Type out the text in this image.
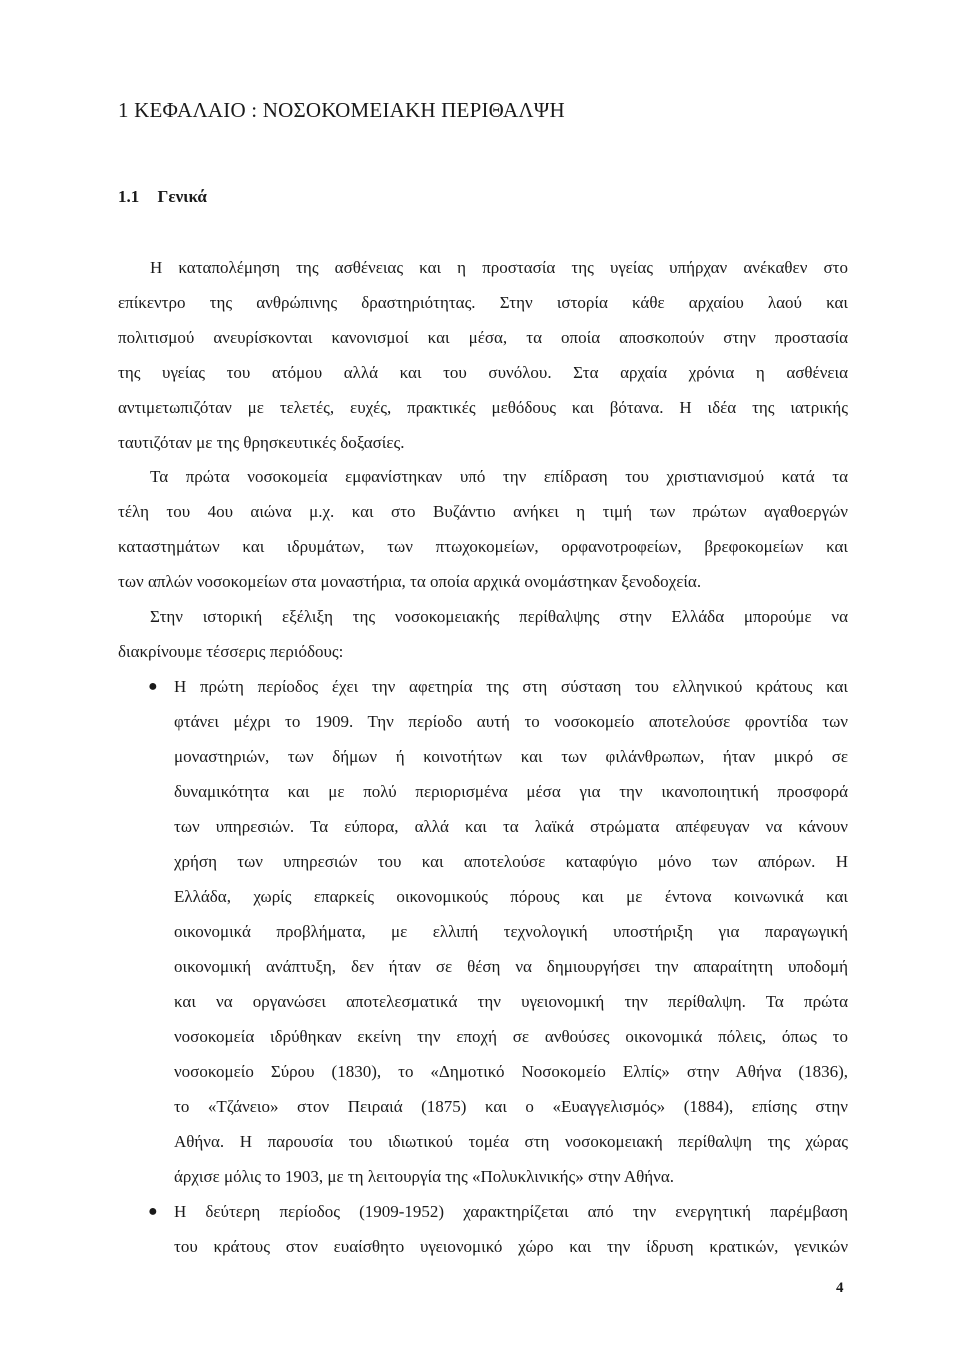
1 ΚΕΦΑΛΑΙΟ : ΝΟΣΟΚΟΜΕΙΑΚΗ ΠΕΡΙΘΑΛΨΗ
1.1 Γενικά
Η καταπολέμηση της ασθένειας και η προστασία της υγείας υπήρχαν ανέκαθεν στο
επίκεντρο της ανθρώπινης δραστηριότητας. Στην ιστορία κάθε αρχαίου λαού και
πολιτισμού ανευρίσκονται κανονισμοί και μέσα, τα οποία αποσκοπούν στην προστασία
της υγείας του ατόμου αλλά και του συνόλου. Στα αρχαία χρόνια η ασθένεια
αντιμετωπιζόταν με τελετές, ευχές, πρακτικές μεθόδους και βότανα. Η ιδέα της ιατρικής
ταυτιζόταν με της θρησκευτικές δοξασίες.
Τα πρώτα νοσοκομεία εμφανίστηκαν υπό την επίδραση του χριστιανισμού κατά τα
τέλη του 4ου αιώνα μ.χ. και στο Βυζάντιο ανήκει η τιμή των πρώτων αγαθοεργών
καταστημάτων και ιδρυμάτων, των πτωχοκομείων, ορφανοτροφείων, βρεφοκομείων και
των απλών νοσοκομείων στα μοναστήρια, τα οποία αρχικά ονομάστηκαν ξενοδοχεία.
Στην ιστορική εξέλιξη της νοσοκομειακής περίθαλψης στην Ελλάδα μπορούμε να
διακρίνουμε τέσσερις περιόδους:
● Η πρώτη περίοδος έχει την αφετηρία της στη σύσταση του ελληνικού κράτους και
φτάνει μέχρι το 1909. Την περίοδο αυτή το νοσοκομείο αποτελούσε φροντίδα των
μοναστηριών, των δήμων ή κοινοτήτων και των φιλάνθρωπων, ήταν μικρό σε
δυναμικότητα και με πολύ περιορισμένα μέσα για την ικανοποιητική προσφορά
των υπηρεσιών. Τα εύπορα, αλλά και τα λαϊκά στρώματα απέφευγαν να κάνουν
χρήση των υπηρεσιών του και αποτελούσε καταφύγιο μόνο των απόρων. Η
Ελλάδα, χωρίς επαρκείς οικονομικούς πόρους και με έντονα κοινωνικά και
οικονομικά προβλήματα, με ελλιπή τεχνολογική υποστήριξη για παραγωγική
οικονομική ανάπτυξη, δεν ήταν σε θέση να δημιουργήσει την απαραίτητη υποδομή
και να οργανώσει αποτελεσματικά την υγειονομική την περίθαλψη. Τα πρώτα
νοσοκομεία ιδρύθηκαν εκείνη την εποχή σε ανθούσες οικονομικά πόλεις, όπως το
νοσοκομείο Σύρου (1830), το «Δημοτικό Νοσοκομείο Ελπίς» στην Αθήνα (1836),
το «Τζάνειο» στον Πειραιά (1875) και ο «Ευαγγελισμός» (1884), επίσης στην
Αθήνα. Η παρουσία του ιδιωτικού τομέα στη νοσοκομειακή περίθαλψη της χώρας
άρχισε μόλις το 1903, με τη λειτουργία της «Πολυκλινικής» στην Αθήνα.
● Η δεύτερη περίοδος (1909-1952) χαρακτηρίζεται από την ενεργητική παρέμβαση
του κράτους στον ευαίσθητο υγειονομικό χώρο και την ίδρυση κρατικών, γενικών
4
